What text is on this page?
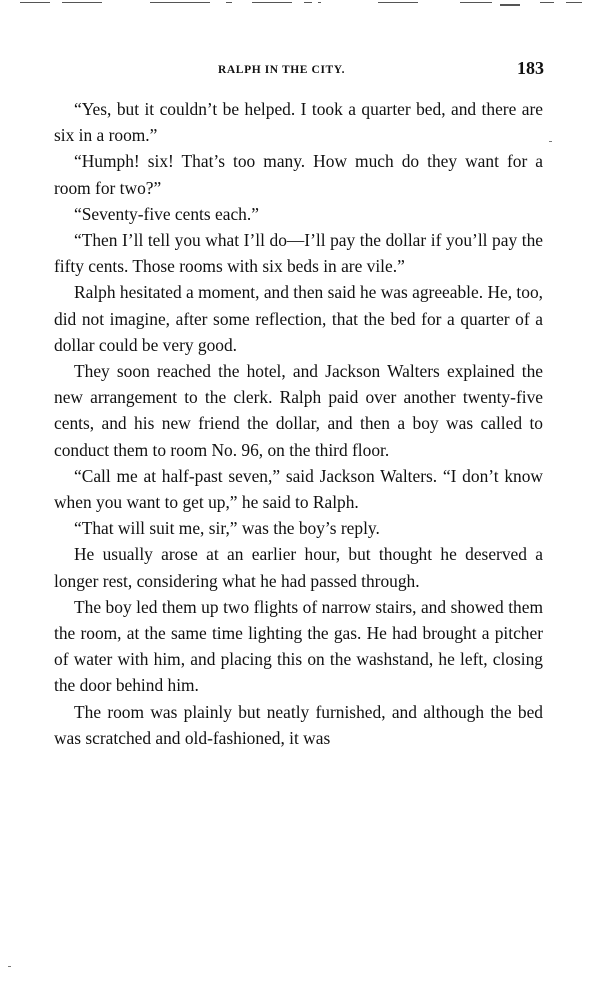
RALPH IN THE CITY.	183

“Yes, but it couldn’t be helped. I took a quarter bed, and there are six in a room.”

“Humph! six! That’s too many. How much do they want for a room for two?”

“Seventy-five cents each.”

“Then I’ll tell you what I’ll do—I’ll pay the dollar if you’ll pay the fifty cents. Those rooms with six beds in are vile.”

Ralph hesitated a moment, and then said he was agreeable. He, too, did not imagine, after some reflection, that the bed for a quarter of a dollar could be very good.

They soon reached the hotel, and Jackson Walters explained the new arrangement to the clerk. Ralph paid over another twenty-five cents, and his new friend the dollar, and then a boy was called to conduct them to room No. 96, on the third floor.

“Call me at half-past seven,” said Jackson Walters. “I don’t know when you want to get up,” he said to Ralph.

“That will suit me, sir,” was the boy’s reply.

He usually arose at an earlier hour, but thought he deserved a longer rest, considering what he had passed through.

The boy led them up two flights of narrow stairs, and showed them the room, at the same time lighting the gas. He had brought a pitcher of water with him, and placing this on the washstand, he left, closing the door behind him.

The room was plainly but neatly furnished, and although the bed was scratched and old-fashioned, it was
